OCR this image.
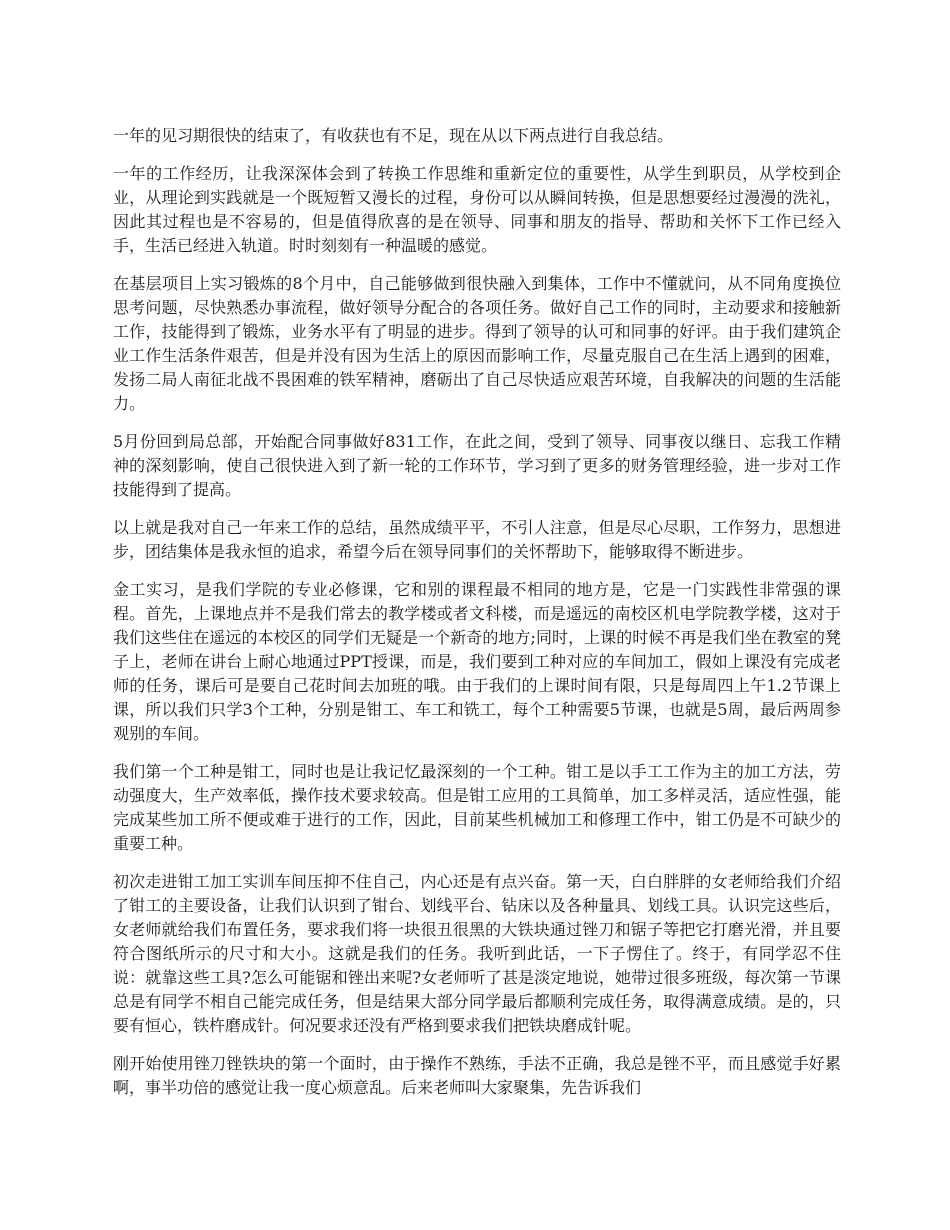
一年的见习期很快的结束了，有收获也有不足，现在从以下两点进行自我总结。

一年的工作经历，让我深深体会到了转换工作思维和重新定位的重要性，从学生到职员，从学校到企业，从理论到实践就是一个既短暂又漫长的过程，身份可以从瞬间转换，但是思想要经过漫漫的洗礼，因此其过程也是不容易的，但是值得欣喜的是在领导、同事和朋友的指导、帮助和关怀下工作已经入手，生活已经进入轨道。时时刻刻有一种温暖的感觉。

在基层项目上实习锻炼的8个月中，自己能够做到很快融入到集体，工作中不懂就问，从不同角度换位思考问题，尽快熟悉办事流程，做好领导分配合的各项任务。做好自己工作的同时，主动要求和接触新工作，技能得到了锻炼，业务水平有了明显的进步。得到了领导的认可和同事的好评。由于我们建筑企业工作生活条件艰苦，但是并没有因为生活上的原因而影响工作，尽量克服自己在生活上遇到的困难，发扬二局人南征北战不畏困难的铁军精神，磨砺出了自己尽快适应艰苦环境，自我解决的问题的生活能力。

5月份回到局总部，开始配合同事做好831工作，在此之间，受到了领导、同事夜以继日、忘我工作精神的深刻影响，使自己很快进入到了新一轮的工作环节，学习到了更多的财务管理经验，进一步对工作技能得到了提高。

以上就是我对自己一年来工作的总结，虽然成绩平平，不引人注意，但是尽心尽职，工作努力，思想进步，团结集体是我永恒的追求，希望今后在领导同事们的关怀帮助下，能够取得不断进步。

金工实习，是我们学院的专业必修课，它和别的课程最不相同的地方是，它是一门实践性非常强的课程。首先，上课地点并不是我们常去的教学楼或者文科楼，而是遥远的南校区机电学院教学楼，这对于我们这些住在遥远的本校区的同学们无疑是一个新奇的地方;同时，上课的时候不再是我们坐在教室的凳子上，老师在讲台上耐心地通过PPT授课，而是，我们要到工种对应的车间加工，假如上课没有完成老师的任务，课后可是要自己花时间去加班的哦。由于我们的上课时间有限，只是每周四上午1.2节课上课，所以我们只学3个工种，分别是钳工、车工和铣工，每个工种需要5节课，也就是5周，最后两周参观别的车间。

我们第一个工种是钳工，同时也是让我记忆最深刻的一个工种。钳工是以手工工作为主的加工方法，劳动强度大，生产效率低，操作技术要求较高。但是钳工应用的工具简单，加工多样灵活，适应性强，能完成某些加工所不便或难于进行的工作，因此，目前某些机械加工和修理工作中，钳工仍是不可缺少的重要工种。

初次走进钳工加工实训车间压抑不住自己，内心还是有点兴奋。第一天，白白胖胖的女老师给我们介绍了钳工的主要设备，让我们认识到了钳台、划线平台、钻床以及各种量具、划线工具。认识完这些后，女老师就给我们布置任务，要求我们将一块很丑很黑的大铁块通过锉刀和锯子等把它打磨光滑，并且要符合图纸所示的尺寸和大小。这就是我们的任务。我听到此话，一下子愣住了。终于，有同学忍不住说：就靠这些工具?怎么可能锯和锉出来呢?女老师听了甚是淡定地说，她带过很多班级，每次第一节课总是有同学不相自己能完成任务，但是结果大部分同学最后都顺利完成任务，取得满意成绩。是的，只要有恒心，铁杵磨成针。何况要求还没有严格到要求我们把铁块磨成针呢。

刚开始使用锉刀锉铁块的第一个面时，由于操作不熟练，手法不正确，我总是锉不平，而且感觉手好累啊，事半功倍的感觉让我一度心烦意乱。后来老师叫大家聚集，先告诉我们
